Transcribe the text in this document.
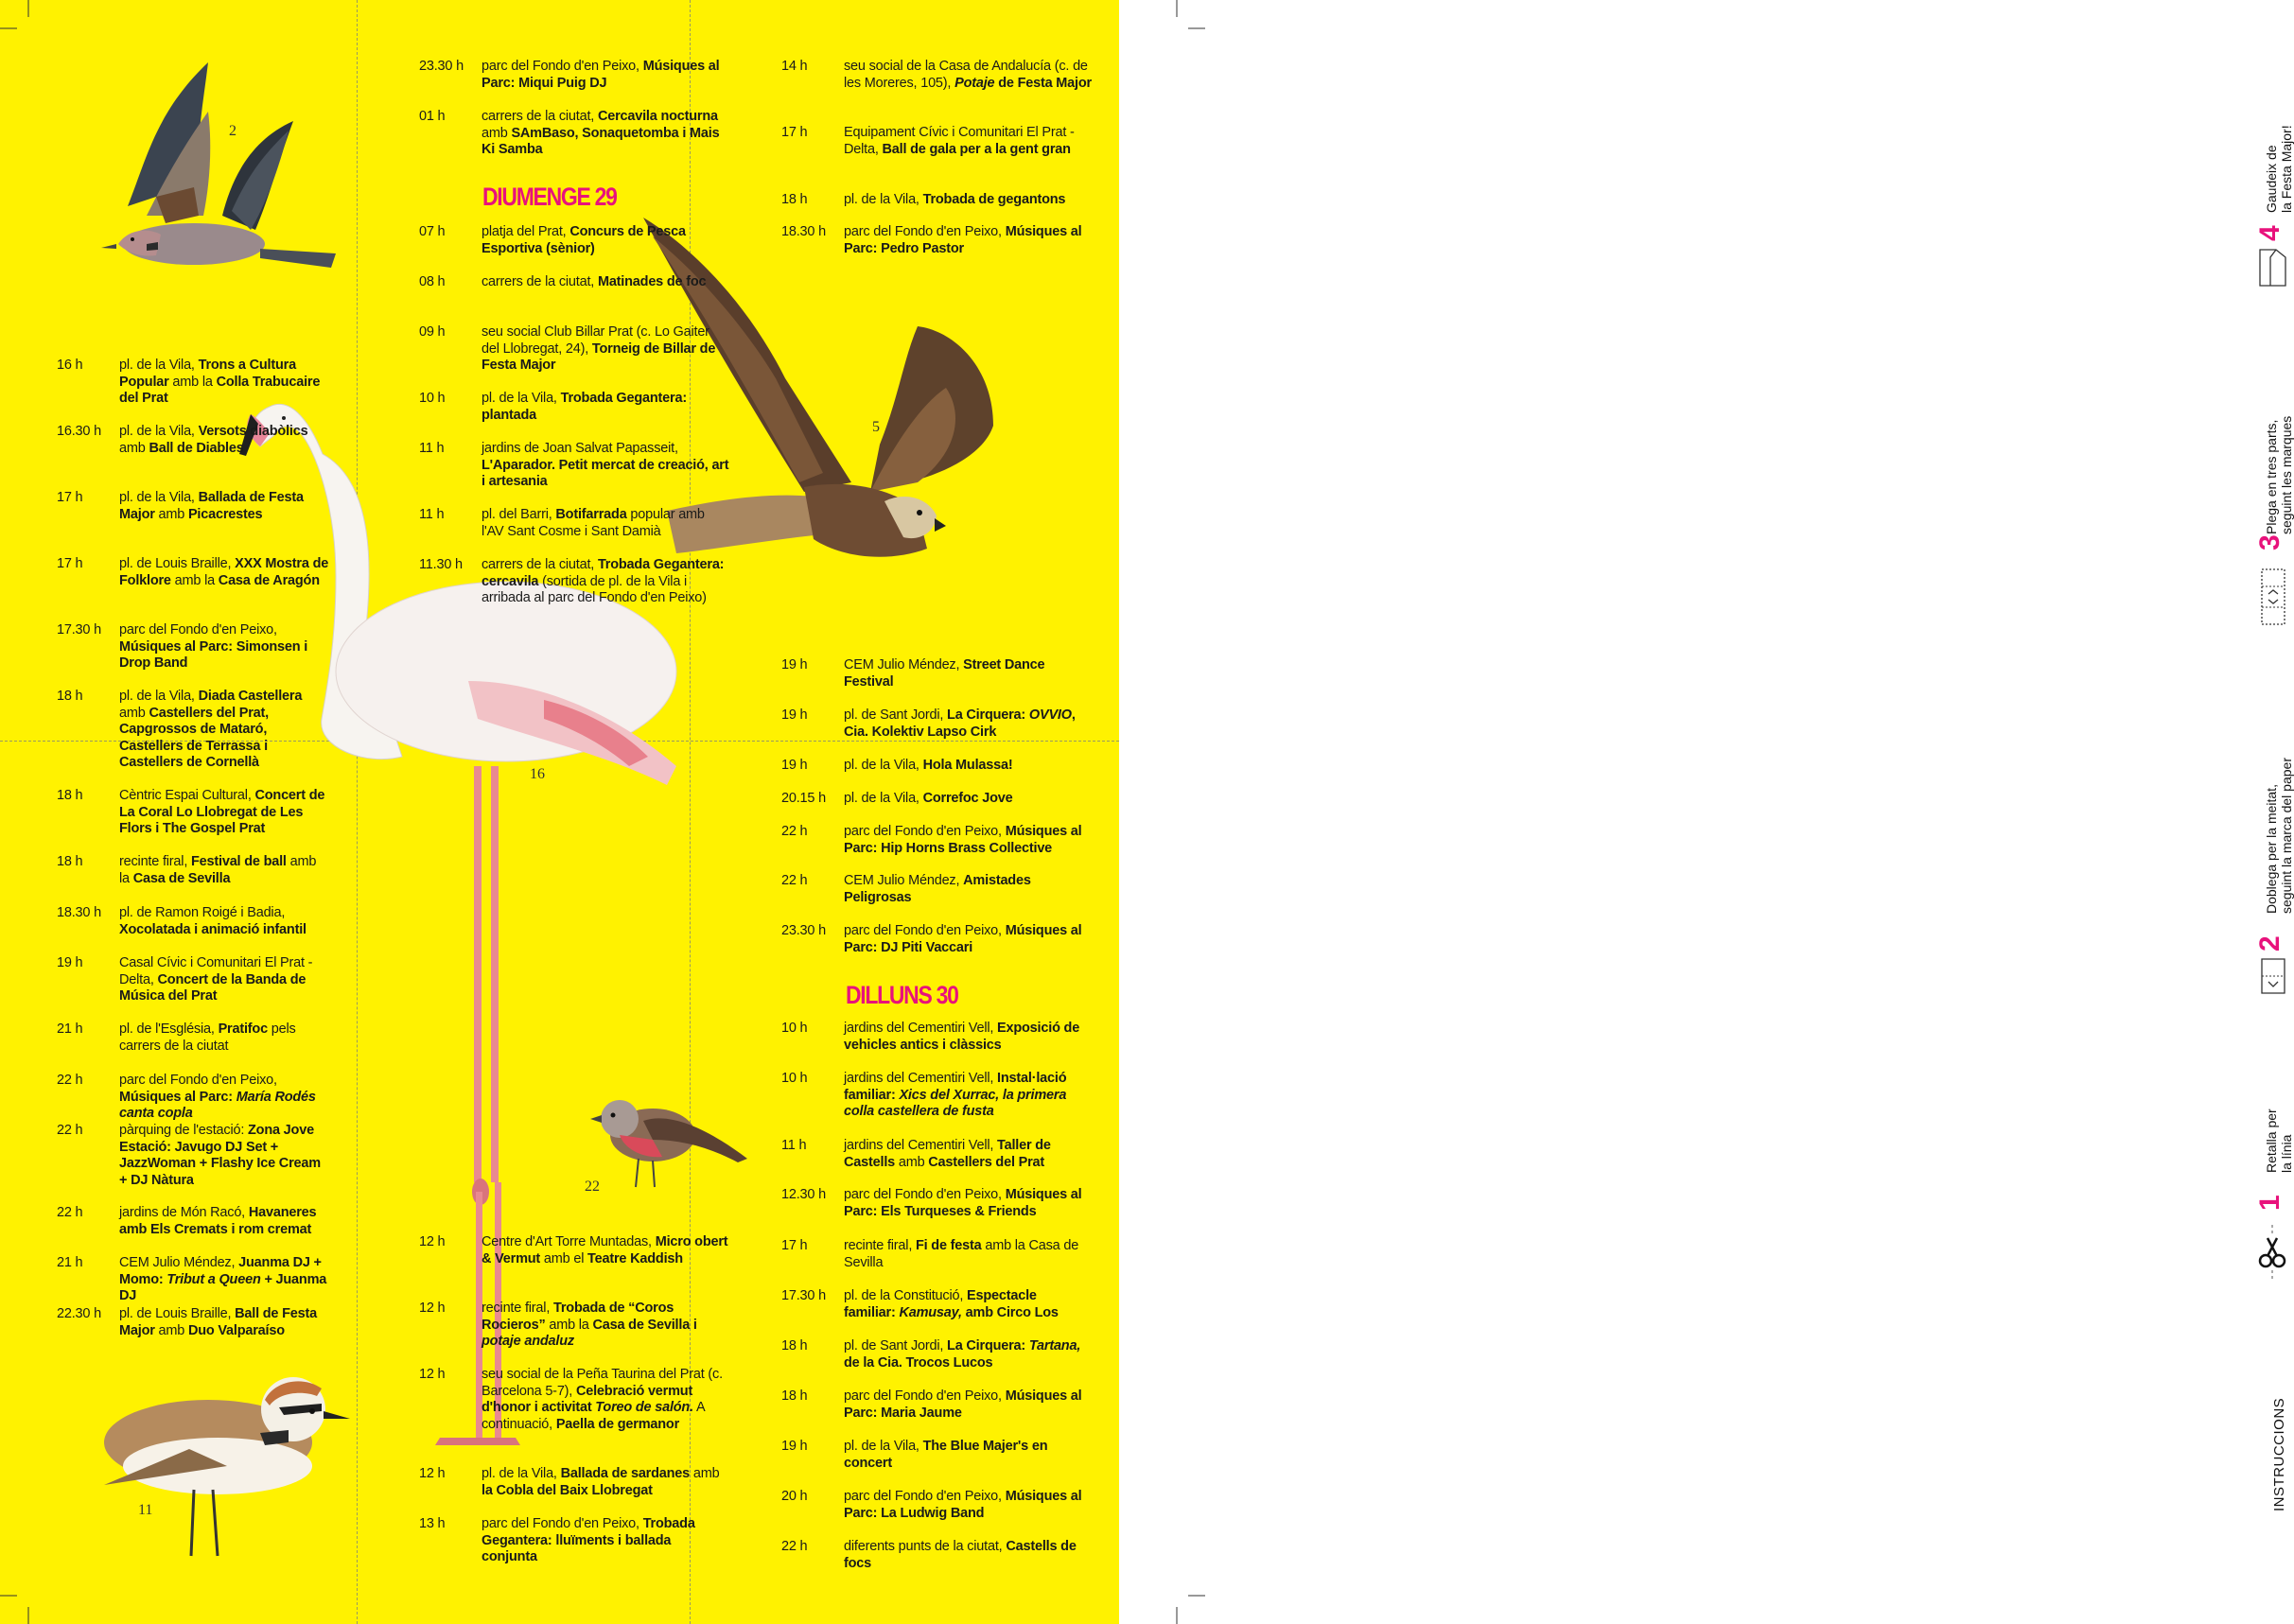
2
5
16
22
11
16 h	pl. de la Vila, Trons a Cultura Popular amb la Colla Trabucaire del Prat
16.30 h pl. de la Vila, Versots diabòlics amb Ball de Diables
17 h	pl. de la Vila, Ballada de Festa Major amb Picacrestes
17 h	pl. de Louis Braille, XXX Mostra de Folklore amb la Casa de Aragón
17.30 h parc del Fondo d'en Peixo, Músiques al Parc: Simonsen i Drop Band
18 h	pl. de la Vila, Diada Castellera amb Castellers del Prat, Capgrossos de Mataró, Castellers de Terrassa i Castellers de Cornellà
18 h	Cèntric Espai Cultural, Concert de La Coral Lo Llobregat de Les Flors i The Gospel Prat
18 h	recinte firal, Festival de ball amb la Casa de Sevilla
18.30 h pl. de Ramon Roigé i Badia, Xocolatada i animació infantil
19 h	Casal Cívic i Comunitari El Prat - Delta, Concert de la Banda de Música del Prat
21 h	pl. de l'Església, Pratifoc pels carrers de la ciutat
22 h	parc del Fondo d'en Peixo, Músiques al Parc: María Rodés canta copla
22 h	pàrquing de l'estació: Zona Jove Estació: Javugo DJ Set + JazzWoman + Flashy Ice Cream + DJ Nàtura
22 h	jardins de Món Racó, Havaneres amb Els Cremats i rom cremat
21 h	CEM Julio Méndez, Juanma DJ + Momo: Tribut a Queen + Juanma DJ
22.30 h pl. de Louis Braille, Ball de Festa Major amb Duo Valparaíso
23.30 h parc del Fondo d'en Peixo, Músiques al Parc: Miqui Puig DJ
01 h	carrers de la ciutat, Cercavila nocturna amb SAmBaso, Sonaquetomba i Mais Ki Samba
07 h	platja del Prat, Concurs de Pesca Esportiva (sènior)
08 h	carrers de la ciutat, Matinades de foc
09 h	seu social Club Billar Prat (c. Lo Gaiter del Llobregat, 24), Torneig de Billar de Festa Major
10 h	pl. de la Vila, Trobada Gegantera: plantada
11 h	jardins de Joan Salvat Papasseit, L'Aparador. Petit mercat de creació, art i artesania
11 h	pl. del Barri, Botifarrada popular amb l'AV Sant Cosme i Sant Damià
11.30 h carrers de la ciutat, Trobada Gegantera: cercavila (sortida de pl. de la Vila i arribada al parc del Fondo d'en Peixo)
12 h	Centre d'Art Torre Muntadas, Micro obert & Vermut amb el Teatre Kaddish
12 h	recinte firal, Trobada de “Coros Rocieros” amb la Casa de Sevilla i potaje andaluz
12 h	seu social de la Peña Taurina del Prat (c. Barcelona 5-7), Celebració vermut d'honor i activitat Toreo de salón. A continuació, Paella de germanor
12 h	pl. de la Vila, Ballada de sardanes amb la Cobla del Baix Llobregat
13 h	parc del Fondo d'en Peixo, Trobada Gegantera: lluïments i ballada conjunta
14 h	seu social de la Casa de Andalucía (c. de les Moreres, 105), Potaje de Festa Major
17 h	Equipament Cívic i Comunitari El Prat - Delta, Ball de gala per a la gent gran
18 h	pl. de la Vila, Trobada de gegantons
18.30 h parc del Fondo d'en Peixo, Músiques al Parc: Pedro Pastor
19 h	CEM Julio Méndez, Street Dance Festival
19 h	pl. de Sant Jordi, La Cirquera: OVVIO, Cia. Kolektiv Lapso Cirk
19 h	pl. de la Vila, Hola Mulassa!
20.15 h pl. de la Vila, Correfoc Jove
22 h	parc del Fondo d'en Peixo, Músiques al Parc: Hip Horns Brass Collective
22 h	CEM Julio Méndez, Amistades Peligrosas
23.30 h parc del Fondo d'en Peixo, Músiques al Parc: DJ Piti Vaccari
10 h	jardins del Cementiri Vell, Exposició de vehicles antics i clàssics
10 h	jardins del Cementiri Vell, Instal·lació familiar: Xics del Xurrac, la primera colla castellera de fusta
11 h	jardins del Cementiri Vell, Taller de Castells amb Castellers del Prat
12.30 h parc del Fondo d'en Peixo, Músiques al Parc: Els Turqueses & Friends
17 h	recinte firal, Fi de festa amb la Casa de Sevilla
17.30 h pl. de la Constitució, Espectacle familiar: Kamusay, amb Circo Los
18 h	pl. de Sant Jordi, La Cirquera: Tartana, de la Cia. Trocos Lucos
18 h	parc del Fondo d'en Peixo, Músiques al Parc: Maria Jaume
19 h	pl. de la Vila, The Blue Majer's en concert
20 h	parc del Fondo d'en Peixo, Músiques al Parc: La Ludwig Band
22 h	diferents punts de la ciutat, Castells de focs
DIUMENGE 29
DILLUNS 30
INSTRUCCIONS
1
Retalla per la línia
2
Doblega per la meitat, seguint la marca del paper
3
Plega en tres parts, seguint les marques
4
Gaudeix de la Festa Major!
